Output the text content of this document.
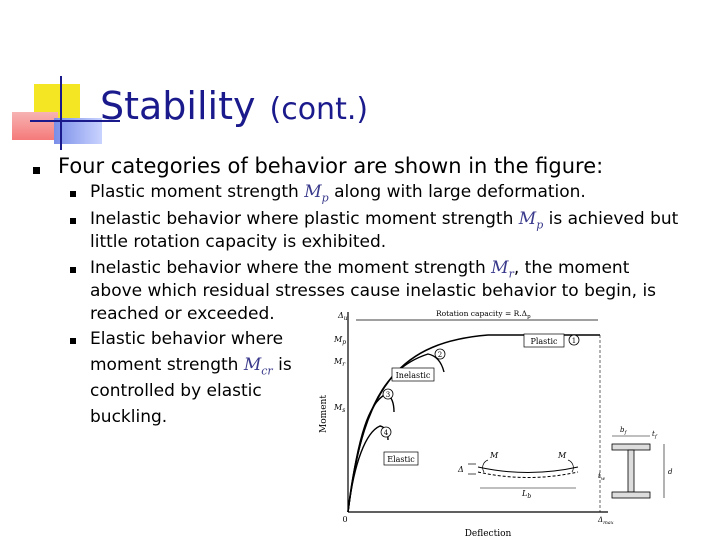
Stability (cont.)
Four categories of behavior are shown in the figure:
Plastic moment strength $M_p$ along with large deformation.
Inelastic behavior where plastic moment strength $M_p$ is achieved but
little rotation capacity is exhibited.
Inelastic behavior where the moment strength $M_r$, the moment
above which residual stresses cause inelastic behavior to begin, is
reached or exceeded.
Elastic behavior where
moment strength $M_{cr}$ is
controlled by elastic
buckling.	Moment
Deflection
0
$M_p$
$M_r$
$M_s$
$\Delta_u$
Rotation capacity = $R.\Delta_p$
1
2
3
4
Plastic
Inelastic
Elastic
$\Delta_{max}$
Δ
M	M
$L_b$
$b_f$	$t_f$
d
$t_w$
